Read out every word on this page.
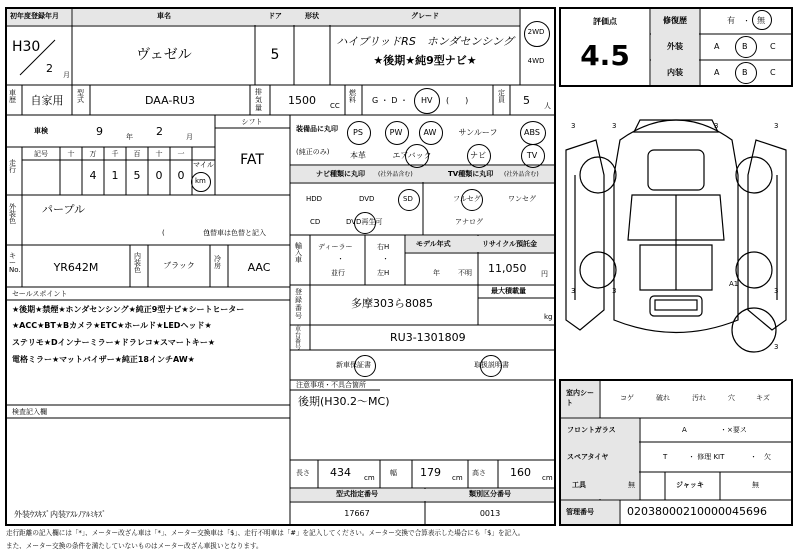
初年度登録年月
H30
2 月
車名
ヴェゼル
ドア
5
形状	グレード
ハイブリッドRS　ホンダセンシング
★後期★純9型ナビ★
2WD
4WD
評価点
4.5
修復歴	有 ・ 無
外装	A	B	C
内装	A	B	C
車歴 自家用
型式	DAA-RU3
排気量
1500 CC
燃料	G ・ D ・ HV (　　)
定員 5 人
車検	9	年 2	月
シフト
FAT
走行
記号	十 万 千 百 十 一
4 1 5 0 0
マイル
km
装備品に丸印
(純正のみ)
PS	PW	AW	サンルーフ	ABS
本革	エアバック	ナビ	TV
ナビ種類に丸印 (社外品含む)
HDD	DVD	SD
CD	DVD再生可
TV種類に丸印 (社外品含む)
フルセグ	ワンセグ
アナログ
外装色
パープル
(　　　　　　)
色替車は色替と記入
キーNo.	YR642M
内装色	ブラック
冷房 AAC
輸入車
ディーラー
・
並行
右H
・
左H
モデル年式
年	不明
リサイクル預託金
11,050 円
登録番号
多摩303ら8085
最大積載量
kg
車台番号
RU3-1301809
セールスポイント
★後期★禁煙★ホンダセンシング★純正9型ナビ★シートヒーター
★ACC★BT★Bカメラ★ETC★ホールド★LEDヘッド★
ステリモ★Dインナーミラー★ドラレコ★スマートキー★
電格ミラー★マットバイザー★純正18インチAW★
新車保証書	取扱説明書
注意事項・不具合箇所
後期(H30.2～MC)
検査記入欄
外装ｳｽｷｽﾞ内装ｱｽﾚﾉｱﾙﾐｷｽﾞ
長さ 434 cm
幅 179 cm
高さ 160 cm
型式指定番号
17667
類別区分番号
0013
3	3	3	3
3	3	3
3
A1
室内シート
コゲ	破れ	汚れ	穴	キズ
フロントガラス	A	・×要ス
スペアタイヤ	T	・ 修理 KIT	・　欠
工具	無	ジャッキ	無
管理番号	02038000210000045696
走行距離の記入欄には「*」、メーター改ざん車は「*」、メーター交換車は「$」、走行不明車は「#」を記入してください。メーター交換で合算表示した場合にも「$」を記入。
また、メーター交換の条件を満たしていないものはメーター改ざん車扱いとなります。
